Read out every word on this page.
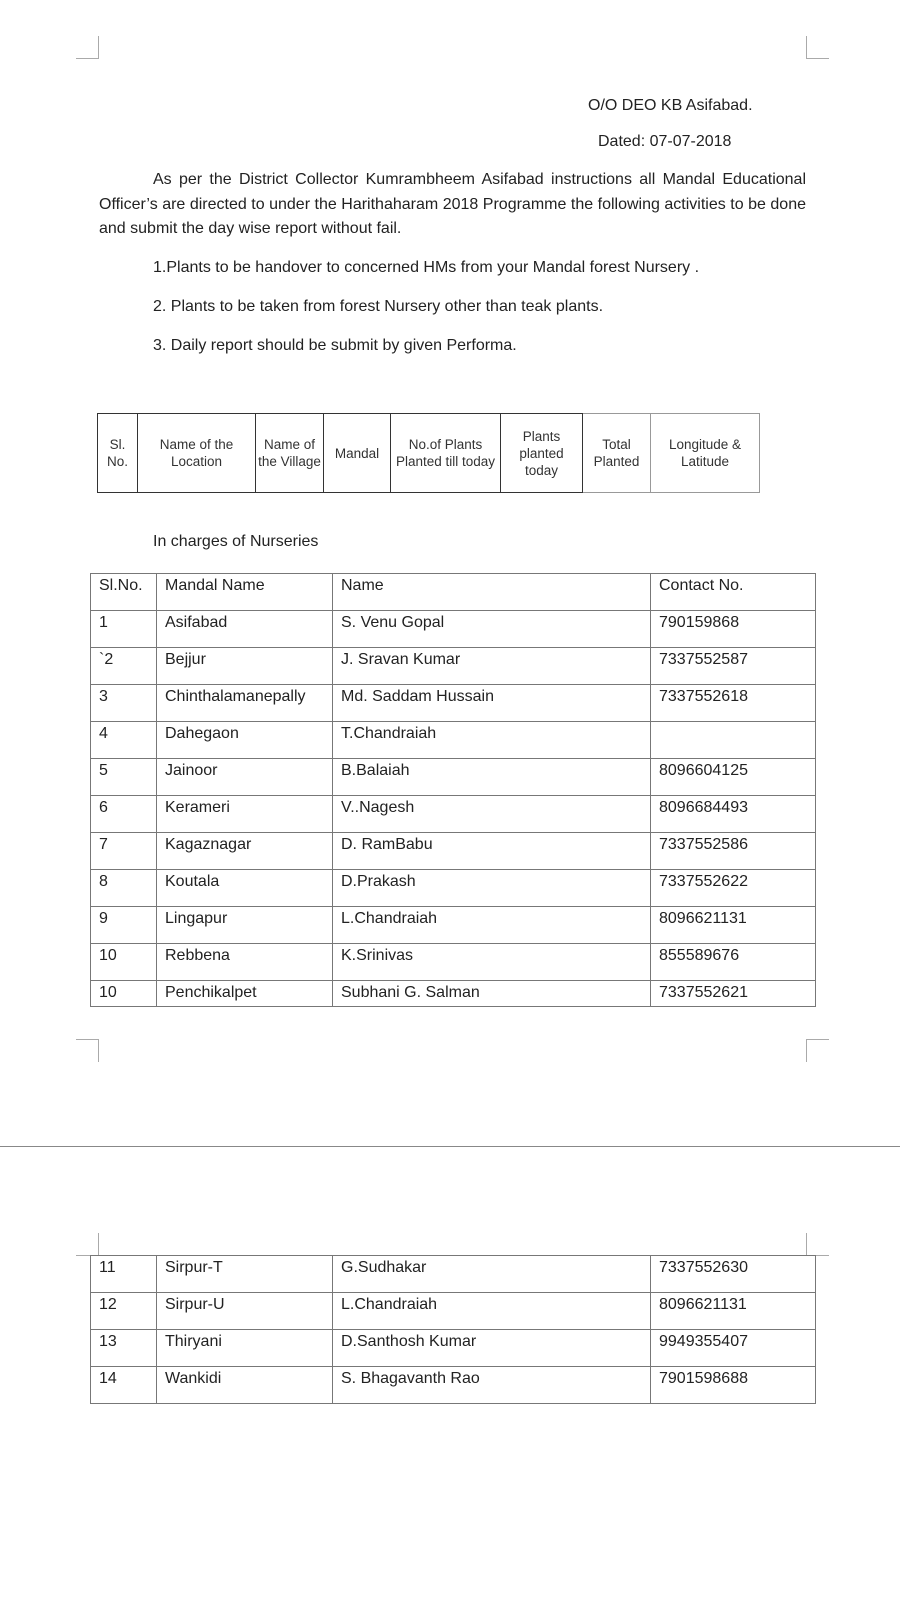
O/O DEO KB Asifabad.
Dated: 07-07-2018

As per the District Collector Kumrambheem Asifabad instructions all Mandal Educational Officer’s are directed to under the Harithaharam 2018 Programme the following activities to be done and submit the day wise report without fail.

1.Plants to be handover to concerned HMs from your Mandal forest Nursery .
2. Plants to be taken from forest Nursery other than teak plants.
3. Daily report should be submit by given Performa.
Sl. No.	Name of the Location	Name of the Village	Mandal	No.of Plants Planted till today	Plants planted today	Total Planted	Longitude & Latitude
In charges of Nurseries
Sl.No.	Mandal Name	Name	Contact No.
1	Asifabad	S. Venu Gopal	790159868
`2	Bejjur	J. Sravan Kumar	7337552587
3	Chinthalamanepally	Md. Saddam Hussain	7337552618
4	Dahegaon	T.Chandraiah	
5	Jainoor	B.Balaiah	8096604125
6	Kerameri	V..Nagesh	8096684493
7	Kagaznagar	D. RamBabu	7337552586
8	Koutala	D.Prakash	7337552622
9	Lingapur	L.Chandraiah	8096621131
10	Rebbena	K.Srinivas	855589676
10	Penchikalpet	Subhani G. Salman	7337552621
11	Sirpur-T	G.Sudhakar	7337552630
12	Sirpur-U	L.Chandraiah	8096621131
13	Thiryani	D.Santhosh Kumar	9949355407
14	Wankidi	S. Bhagavanth Rao	7901598688
